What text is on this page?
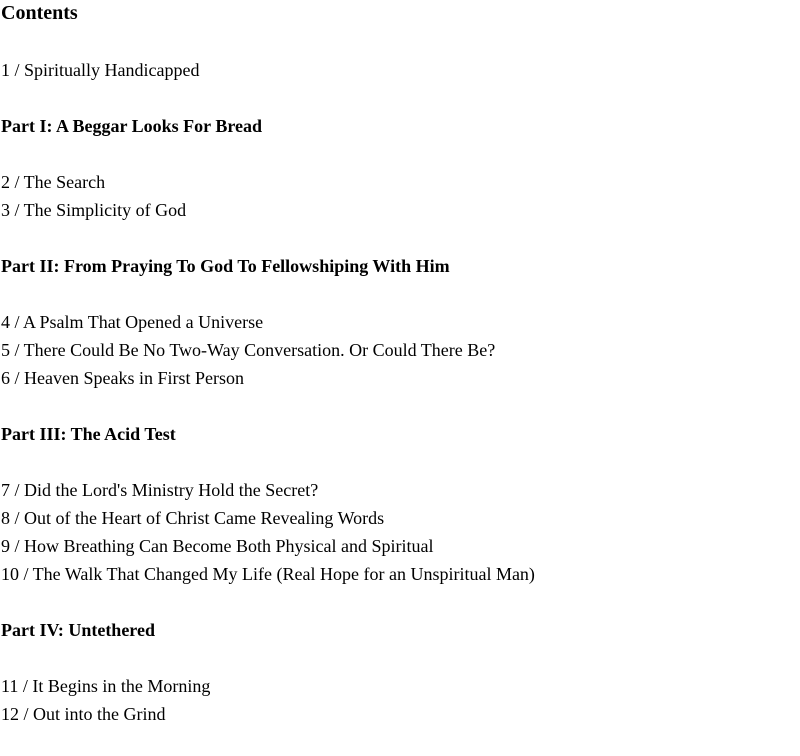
Contents
1 / Spiritually Handicapped
Part I: A Beggar Looks For Bread
2 / The Search
3 / The Simplicity of God
Part II: From Praying To God To Fellowshiping With Him
4 / A Psalm That Opened a Universe
5 / There Could Be No Two-Way Conversation. Or Could There Be?
6 / Heaven Speaks in First Person
Part III: The Acid Test
7 / Did the Lord's Ministry Hold the Secret?
8 / Out of the Heart of Christ Came Revealing Words
9 / How Breathing Can Become Both Physical and Spiritual
10 / The Walk That Changed My Life (Real Hope for an Unspiritual Man)
Part IV: Untethered
11 / It Begins in the Morning
12 / Out into the Grind
